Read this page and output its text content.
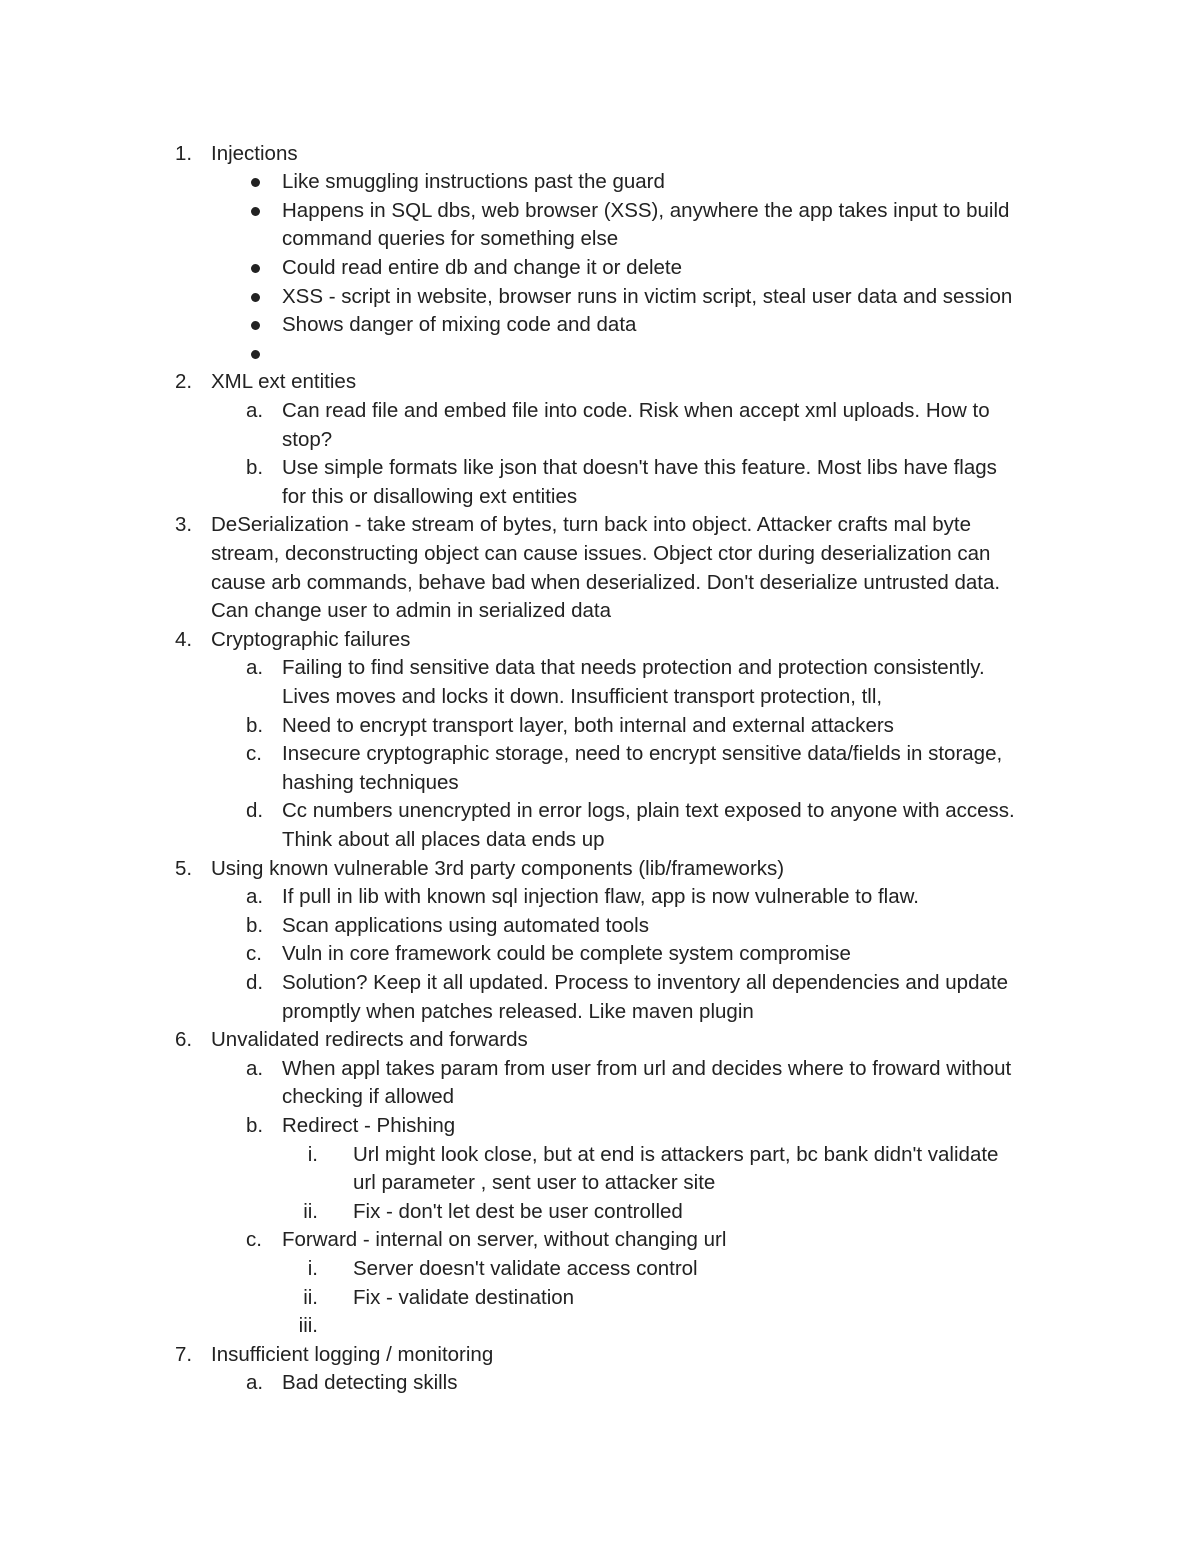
1. Injections
Like smuggling instructions past the guard
Happens in SQL dbs, web browser (XSS), anywhere the app takes input to build
command queries for something else
Could read entire db and change it or delete
XSS - script in website, browser runs in victim script, steal user data and session
Shows danger of mixing code and data
2. XML ext entities
a. Can read file and embed file into code. Risk when accept xml uploads. How to
stop?
b. Use simple formats like json that doesn't have this feature. Most libs have flags
for this or disallowing ext entities
3. DeSerialization - take stream of bytes, turn back into object. Attacker crafts mal byte
stream, deconstructing object can cause issues. Object ctor during deserialization can
cause arb commands, behave bad when deserialized. Don't deserialize untrusted data.
Can change user to admin in serialized data
4. Cryptographic failures
a. Failing to find sensitive data that needs protection and protection consistently.
Lives moves and locks it down. Insufficient transport protection, tll,
b. Need to encrypt transport layer, both internal and external attackers
c. Insecure cryptographic storage, need to encrypt sensitive data/fields in storage,
hashing techniques
d. Cc numbers unencrypted in error logs, plain text exposed to anyone with access.
Think about all places data ends up
5. Using known vulnerable 3rd party components (lib/frameworks)
a. If pull in lib with known sql injection flaw, app is now vulnerable to flaw.
b. Scan applications using automated tools
c. Vuln in core framework could be complete system compromise
d. Solution? Keep it all updated. Process to inventory all dependencies and update
promptly when patches released. Like maven plugin
6. Unvalidated redirects and forwards
a. When appl takes param from user from url and decides where to froward without
checking if allowed
b. Redirect - Phishing
i. Url might look close, but at end is attackers part, bc bank didn't validate
url parameter , sent user to attacker site
ii. Fix - don't let dest be user controlled
c. Forward - internal on server, without changing url
i. Server doesn't validate access control
ii. Fix - validate destination
iii.
7. Insufficient logging / monitoring
a. Bad detecting skills
